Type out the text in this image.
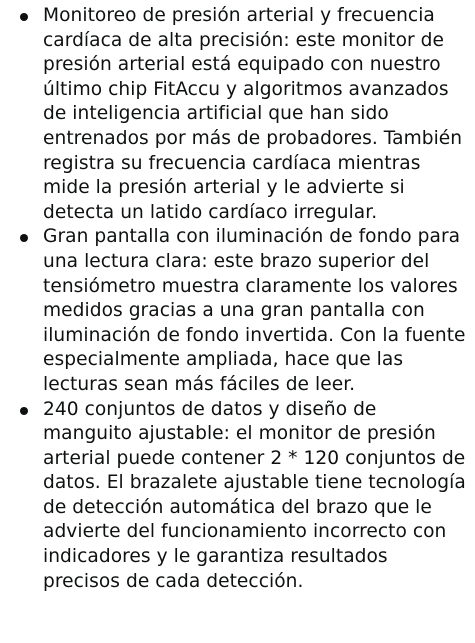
Monitoreo de presión arterial y frecuencia cardíaca de alta precisión: este monitor de presión arterial está equipado con nuestro último chip FitAccu y algoritmos avanzados de inteligencia artificial que han sido entrenados por más de probadores. También registra su frecuencia cardíaca mientras mide la presión arterial y le advierte si detecta un latido cardíaco irregular.
Gran pantalla con iluminación de fondo para una lectura clara: este brazo superior del tensiómetro muestra claramente los valores medidos gracias a una gran pantalla con iluminación de fondo invertida. Con la fuente especialmente ampliada, hace que las lecturas sean más fáciles de leer.
240 conjuntos de datos y diseño de manguito ajustable: el monitor de presión arterial puede contener 2 * 120 conjuntos de datos. El brazalete ajustable tiene tecnología de detección automática del brazo que le advierte del funcionamiento incorrecto con indicadores y le garantiza resultados precisos de cada detección.
